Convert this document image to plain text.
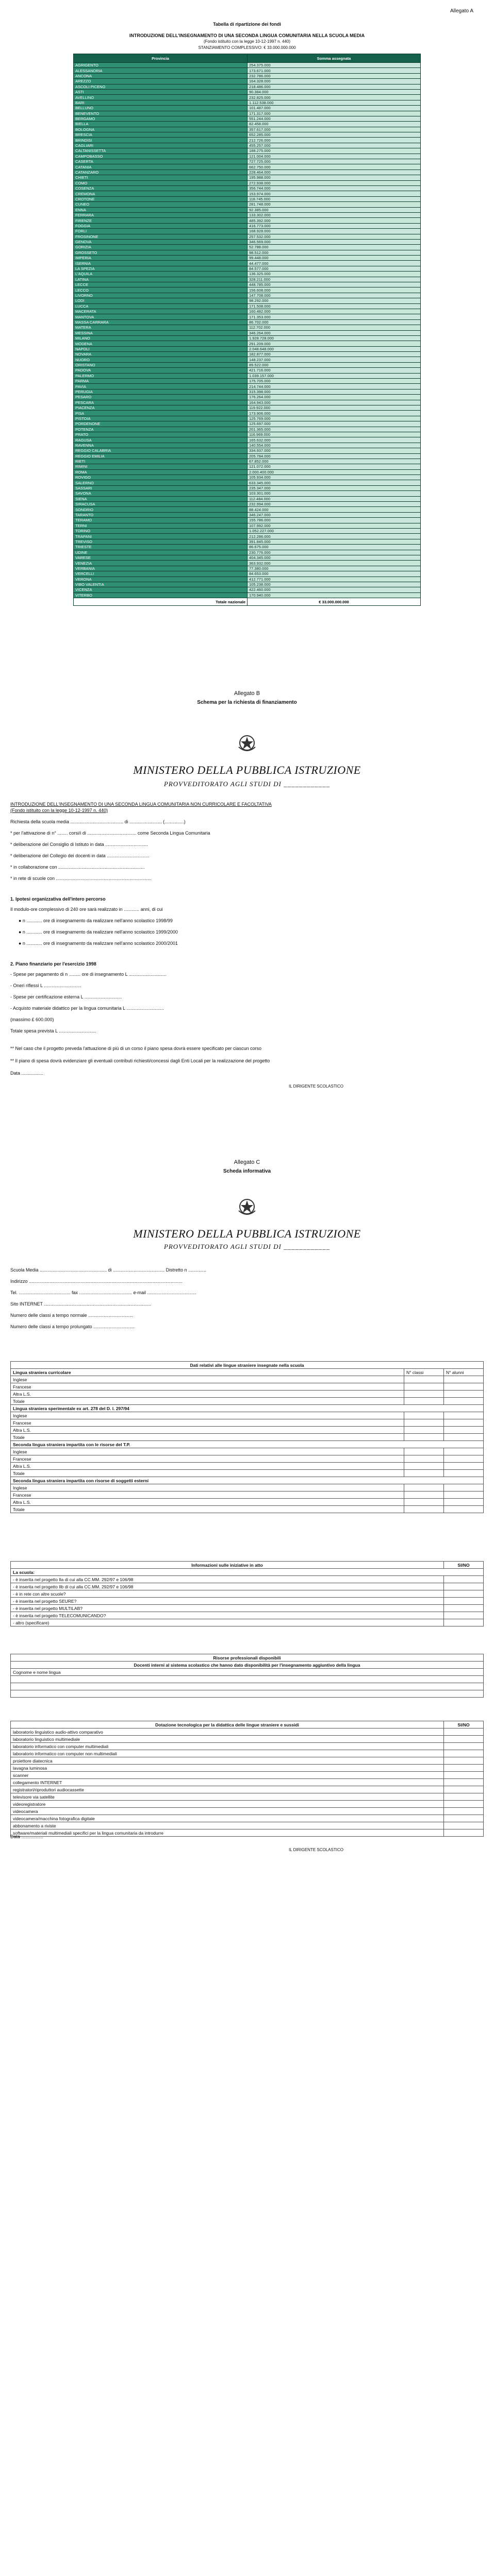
Allegato A
Tabella di ripartizione dei fondi
INTRODUZIONE DELL'INSEGNAMENTO DI UNA SECONDA LINGUA COMUNITARIA NELLA SCUOLA MEDIA
(Fondo istituito con la legge 10-12-1997 n. 440)
STANZIAMENTO COMPLESSIVO: € 33.000.000.000
Provincia	Somma assegnata
AGRIGENTO	254.375.000
ALESSANDRIA	173.671.000
ANCONA	232.786.000
AREZZO	164.328.000
ASCOLI PICENO	218.486.000
ASTI	90.384.000
AVELLINO	232.825.000
BARI	1.112.538.000
BELLUNO	101.487.000
BENEVENTO	171.317.000
BERGAMO	551.244.000
BIELLA	82.458.000
BOLOGNA	357.617.000
BRESCIA	652.285.000
BRINDISI	212.726.000
CAGLIARI	455.257.000
CALTANISSETTA	188.275.000
CAMPOBASSO	121.004.000
CASERTA	727.725.000
CATANIA	662.750.000
CATANZARO	228.464.000
CHIETI	195.988.000
COMO	272.938.000
COSENZA	356.744.000
CREMONA	153.974.000
CROTONE	118.745.000
CUNEO	281.748.000
ENNA	92.385.000
FERRARA	133.302.000
FIRENZE	485.392.000
FOGGIA	416.773.000
FORLI	168.928.000
FROSINONE	257.532.000
GENOVA	346.569.000
GORIZIA	52.788.000
GROSSETO	98.512.000
IMPERIA	99.448.000
ISERNIA	44.477.000
LA SPEZIA	84.577.000
L'AQUILA	136.325.000
LATINA	328.211.000
LECCE	448.785.000
LECCO	156.608.000
LIVORNO	147.708.000
LODI	98.292.000
LUCCA	171.508.000
MACERATA	160.482.000
MANTOVA	171.353.000
MASSA CARRARA	86.702.000
MATERA	112.702.000
MESSINA	346.264.000
MILANO	1.928.728.000
MODENA	291.209.000
NAPOLI	2.048.648.000
NOVARA	182.877.000
NUORO	148.237.000
ORISTANO	89.522.000
PADOVA	421.716.000
PALERMO	1.039.157.000
PARMA	175.705.000
PAVIA	214.744.000
PERUGIA	315.398.000
PESARO	176.264.000
PESCARA	164.943.000
PIACENZA	119.922.000
PISA	173.906.000
PISTOIA	125.769.000
PORDENONE	125.697.000
POTENZA	201.365.000
PRATO	116.969.000
RAGUSA	165.632.000
RAVENNA	140.554.000
REGGIO CALABRIA	334.937.000
REGGIO EMILIA	205.784.000
RIETI	67.852.000
RIMINI	121.072.000
ROMA	2.000.400.000
ROVIGO	105.934.000
SALERNO	633.345.000
SASSARI	235.347.000
SAVONA	103.301.000
SIENA	112.484.000
SIRACUSA	232.994.000
SONDRIO	88.424.000
TARANTO	346.247.000
TERAMO	155.786.000
TERNI	107.992.000
TORINO	1.052.227.000
TRAPANI	212.286.000
TREVISO	391.845.000
TRIESTE	86.675.000
UDINE	230.776.000
VARESE	404.345.000
VENEZIA	363.932.000
VERBANIA	77.380.000
VERCELLI	84.653.000
VERONA	412.771.000
VIBO VALENTIA	105.238.000
VICENZA	422.460.000
VITERBO	170.940.000
Totale nazionale	€ 33.000.000.000
Allegato B
Schema per la richiesta di finanziamento
MINISTERO DELLA PUBBLICA ISTRUZIONE
PROVVEDITORATO AGLI STUDI DI ____________
INTRODUZIONE DELL'INSEGNAMENTO DI UNA SECONDA LINGUA COMUNITARIA NON CURRICOLARE E FACOLTATIVA
(Fondo istituito con la legge 10-12-1997 n. 440)
Richiesta della scuola media ......................................... di ......................... (...............)
* per l'attivazione di n° ........ corsi/i di ...................................... come Seconda Lingua Comunitaria
* deliberazione del Consiglio di Istituto in data .................................
* deliberazione del Collegio dei docenti in data .................................
* in collaborazione con ...................................................................
* in rete di scuole con ..........................................................................
1. Ipotesi organizzativa dell'intero percorso
Il modulo-ore complessivo di 240 ore sarà realizzato in ............ anni, di cui
● n ............ ore di insegnamento da realizzare nell'anno scolastico 1998/99
● n ............ ore di insegnamento da realizzare nell'anno scolastico 1999/2000
● n ............ ore di insegnamento da realizzare nell'anno scolastico 2000/2001
2. Piano finanziario per l'esercizio 1998
- Spese per pagamento di n ......... ore di insegnamento L .............................
- Oneri riflessi L .............................
- Spese per certificazione esterna L .............................
- Acquisto materiale didattico per la lingua comunitaria L .............................
(massimo £ 600.000)
Totale spesa prevista L .............................
** Nel caso che il progetto preveda l'attuazione di più di un corso il piano spesa dovrà essere specificato per ciascun corso
** Il piano di spesa dovrà evidenziare gli eventuali contributi richiesti/concessi dagli Enti Locali per la realizzazione del progetto
Data .................
IL DIRIGENTE SCOLASTICO
Allegato C
Scheda informativa
MINISTERO DELLA PUBBLICA ISTRUZIONE
PROVVEDITORATO AGLI STUDI DI ____________
Scuola Media .................................................... di ........................................ Distretto n ..............
Indirizzo .......................................................................................................................
Tel. ........................................ fax ......................................... e-mail ......................................
Sito INTERNET ...................................................................................
Numero delle classi a tempo normale ...................................
Numero delle classi a tempo prolungato ................................
Dati relativi alle lingue straniere insegnate nella scuola		
Lingua straniera curricolare	N° classi	N° alunni
Inglese		
Francese		
Altra L.S.		
Totale		
Lingua straniera sperimentale ex art. 278 del D. l. 297/94		
Inglese		
Francese		
Altra L.S.		
Totale		
Seconda lingua straniera impartita con le risorse del T.P.		
Inglese		
Francese		
Altra L.S.		
Totale		
Seconda lingua straniera impartita con risorse di soggetti esterni		
Inglese		
Francese		
Altra L.S.		
Totale		
Informazioni sulle iniziative in atto	SI/NO
La scuola:	
- è inserita nel progetto Ila di cui alla CC.MM. 292/97 e 106/98	
- è inserita nel progetto Ilb di cui alla CC.MM. 292/97 e 106/98	
- è in rete con altre scuole?	
- è inserita nel progetto SEURE?	
- è inserita nel progetto MULTILAB?	
- è inserita nel progetto TELECOMUNICANDO?	
- altro (specificare)	
Risorse professionali disponibili
Docenti interni al sistema scolastico che hanno dato disponibilità per l'insegnamento aggiuntivo della lingua
Cognome e nome lingua

Dotazione tecnologica per la didattica delle lingue straniere e sussidi	SI/NO
laboratorio linguistico audio-attivo comparativo	
laboratorio linguistico multimediale	
laboratorio informatico con computer multimediali	
laboratorio informatico con computer non multimediali	
proiettore diatecnica	
lavagna luminosa	
scanner	
collegamento INTERNET	
registratori/riproduttori audiocassette	
televisore via satellite	
videoregistratore	
videocamera	
videocamera/macchina fotografica digitale	
abbonamento a riviste	
software/materiali multimediali specifici per la lingua comunitaria da introdurre	
Data .................
IL DIRIGENTE SCOLASTICO
